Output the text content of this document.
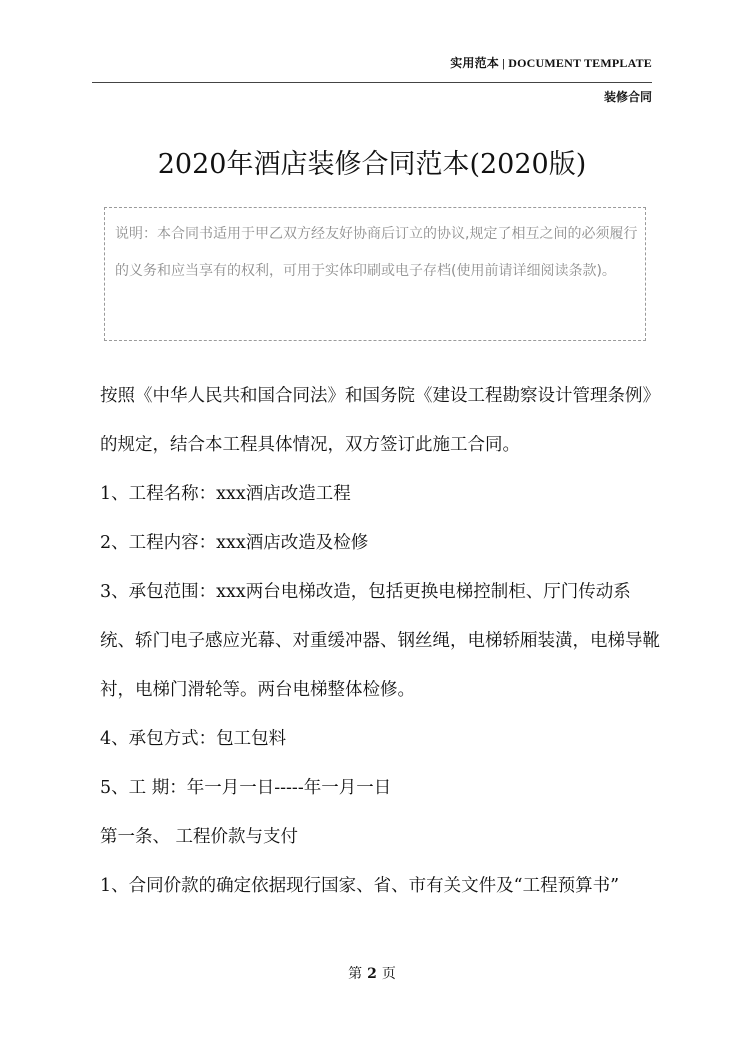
实用范本 | DOCUMENT TEMPLATE
装修合同
2020年酒店装修合同范本(2020版)
说明：本合同书适用于甲乙双方经友好协商后订立的协议,规定了相互之间的必须履行的义务和应当享有的权利，可用于实体印刷或电子存档(使用前请详细阅读条款)。

按照《中华人民共和国合同法》和国务院《建设工程勘察设计管理条例》的规定，结合本工程具体情况，双方签订此施工合同。

1、工程名称：xxx酒店改造工程

2、工程内容：xxx酒店改造及检修

3、承包范围：xxx两台电梯改造，包括更换电梯控制柜、厅门传动系统、轿门电子感应光幕、对重缓冲器、钢丝绳，电梯轿厢装潢，电梯导靴衬，电梯门滑轮等。两台电梯整体检修。

4、承包方式：包工包料

5、工 期：年一月一日-----年一月一日

第一条、 工程价款与支付

1、合同价款的确定依据现行国家、省、市有关文件及“工程预算书”

第 2 页
